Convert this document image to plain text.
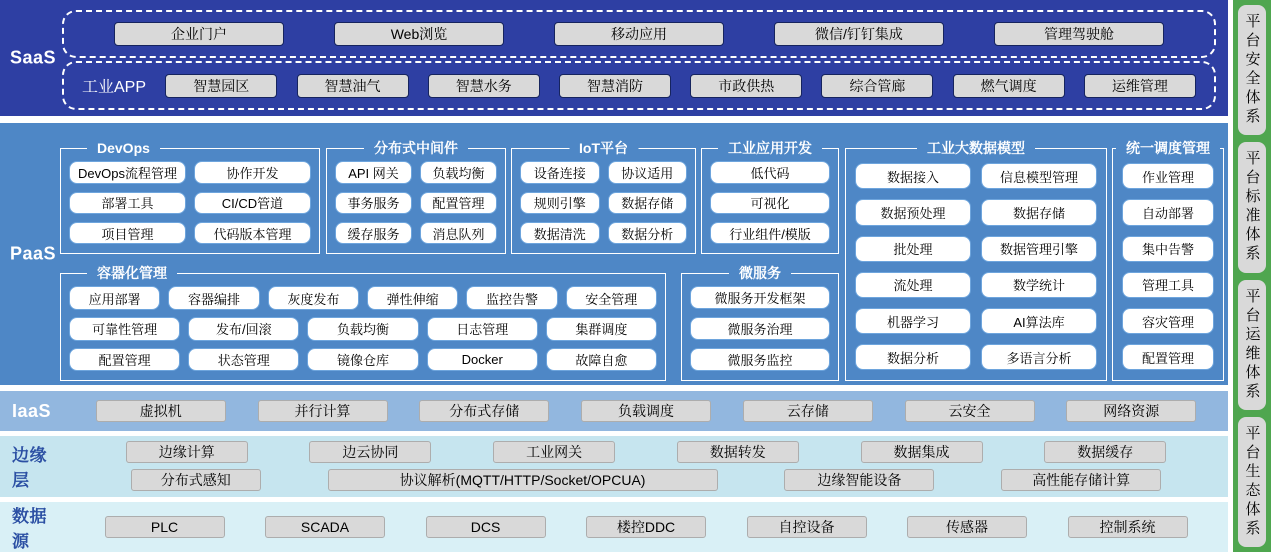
SaaS
企业门户	Web浏览	移动应用	微信/钉钉集成	管理驾驶舱
工业APP	智慧园区	智慧油气	智慧水务	智慧消防	市政供热	综合管廊	燃气调度	运维管理
PaaS
DevOps
DevOps流程管理	协作开发
部署工具	CI/CD管道
项目管理	代码版本管理
分布式中间件
API 网关	负载均衡
事务服务	配置管理
缓存服务	消息队列
IoT平台
设备连接	协议适用
规则引擎	数据存储
数据清洗	数据分析
工业应用开发
低代码
可视化
行业组件/模版
工业大数据模型
数据接入	信息模型管理
数据预处理	数据存储
批处理	数据管理引擎
流处理	数学统计
机器学习	AI算法库
数据分析	多语言分析
统一调度管理
作业管理
自动部署
集中告警
管理工具
容灾管理
配置管理
容器化管理
应用部署	容器编排	灰度发布	弹性伸缩	监控告警	安全管理
可靠性管理	发布/回滚	负载均衡	日志管理	集群调度
配置管理	状态管理	镜像仓库	Docker	故障自愈
微服务
微服务开发框架
微服务治理
微服务监控
IaaS	虚拟机	并行计算	分布式存储	负载调度	云存储	云安全	网络资源
边缘层
边缘计算	边云协同	工业网关	数据转发	数据集成	数据缓存
分布式感知	协议解析(MQTT/HTTP/Socket/OPCUA)	边缘智能设备	高性能存储计算
数据源
PLC	SCADA	DCS	楼控DDC	自控设备	传感器	控制系统
平台安全体系
平台标准体系
平台运维体系
平台生态体系
